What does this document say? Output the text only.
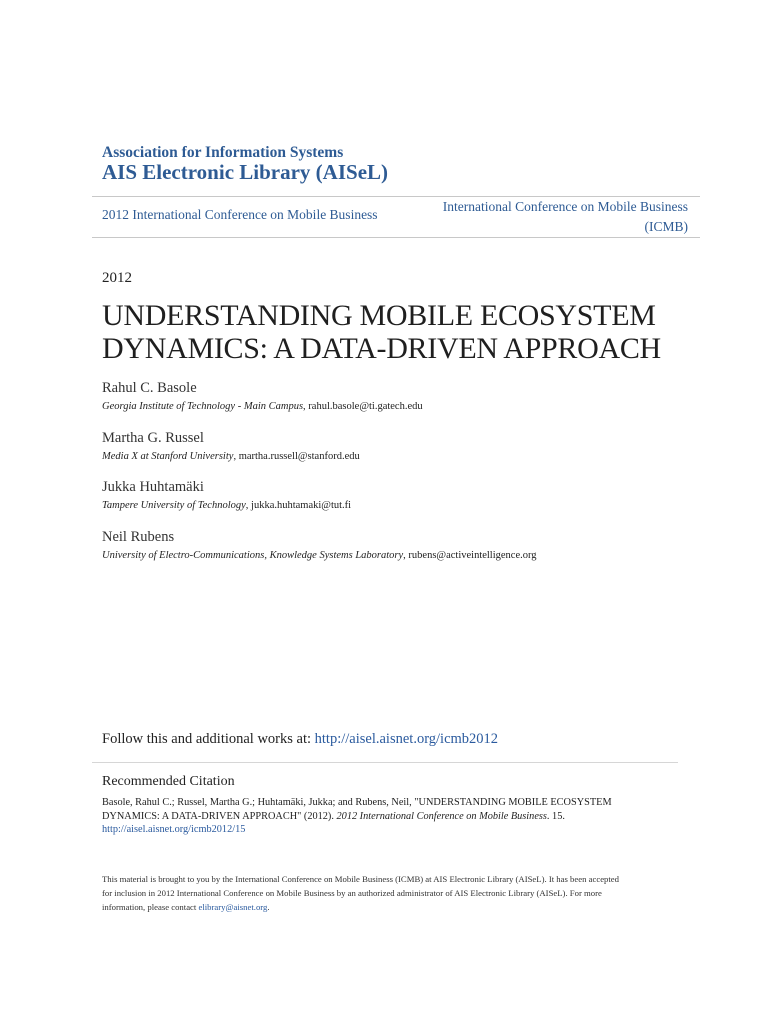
Association for Information Systems
AIS Electronic Library (AISeL)
2012 International Conference on Mobile Business
International Conference on Mobile Business
(ICMB)
2012
UNDERSTANDING MOBILE ECOSYSTEM
DYNAMICS: A DATA-DRIVEN APPROACH
Rahul C. Basole
Georgia Institute of Technology - Main Campus, rahul.basole@ti.gatech.edu
Martha G. Russel
Media X at Stanford University, martha.russell@stanford.edu
Jukka Huhtamäki
Tampere University of Technology, jukka.huhtamaki@tut.fi
Neil Rubens
University of Electro-Communications, Knowledge Systems Laboratory, rubens@activeintelligence.org
Follow this and additional works at: http://aisel.aisnet.org/icmb2012
Recommended Citation
Basole, Rahul C.; Russel, Martha G.; Huhtamäki, Jukka; and Rubens, Neil, "UNDERSTANDING MOBILE ECOSYSTEM
DYNAMICS: A DATA-DRIVEN APPROACH" (2012). 2012 International Conference on Mobile Business. 15.
http://aisel.aisnet.org/icmb2012/15
This material is brought to you by the International Conference on Mobile Business (ICMB) at AIS Electronic Library (AISeL). It has been accepted
for inclusion in 2012 International Conference on Mobile Business by an authorized administrator of AIS Electronic Library (AISeL). For more
information, please contact elibrary@aisnet.org.
